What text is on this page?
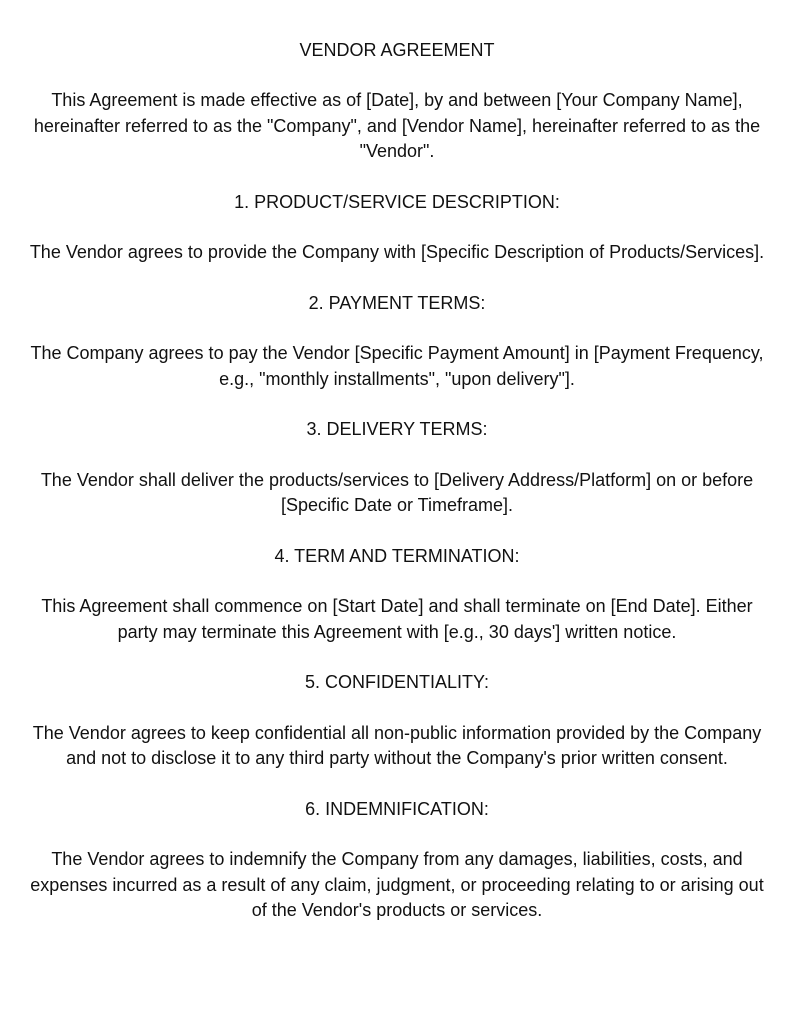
VENDOR AGREEMENT

This Agreement is made effective as of [Date], by and between [Your Company Name], hereinafter referred to as the "Company", and [Vendor Name], hereinafter referred to as the "Vendor".

1. PRODUCT/SERVICE DESCRIPTION:

The Vendor agrees to provide the Company with [Specific Description of Products/Services].

2. PAYMENT TERMS:

The Company agrees to pay the Vendor [Specific Payment Amount] in [Payment Frequency, e.g., "monthly installments", "upon delivery"].

3. DELIVERY TERMS:

The Vendor shall deliver the products/services to [Delivery Address/Platform] on or before [Specific Date or Timeframe].

4. TERM AND TERMINATION:

This Agreement shall commence on [Start Date] and shall terminate on [End Date]. Either party may terminate this Agreement with [e.g., 30 days'] written notice.

5. CONFIDENTIALITY:

The Vendor agrees to keep confidential all non-public information provided by the Company and not to disclose it to any third party without the Company's prior written consent.

6. INDEMNIFICATION:

The Vendor agrees to indemnify the Company from any damages, liabilities, costs, and expenses incurred as a result of any claim, judgment, or proceeding relating to or arising out of the Vendor's products or services.
